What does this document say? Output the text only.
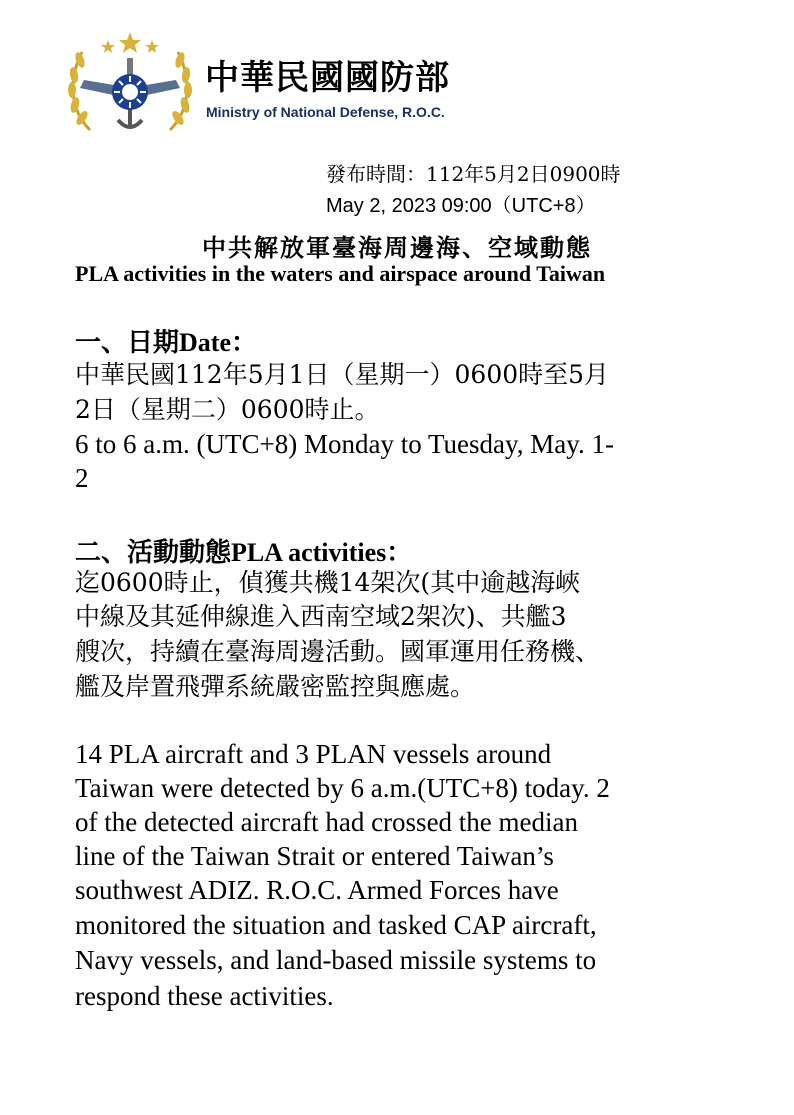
中華民國國防部
Ministry of National Defense, R.O.C.
發布時間：112年5月2日0900時
May 2, 2023 09:00（UTC+8）
中共解放軍臺海周邊海、空域動態
PLA activities in the waters and airspace around Taiwan
一、日期Date：
中華民國112年5月1日（星期一）0600時至5月
2日（星期二）0600時止。
6 to 6 a.m. (UTC+8) Monday to Tuesday, May. 1-
2
二、活動動態PLA activities：
迄0600時止，偵獲共機14架次(其中逾越海峽
中線及其延伸線進入西南空域2架次)、共艦3
艘次，持續在臺海周邊活動。國軍運用任務機、
艦及岸置飛彈系統嚴密監控與應處。
14 PLA aircraft and 3 PLAN vessels around
Taiwan were detected by 6 a.m.(UTC+8) today. 2
of the detected aircraft had crossed the median
line of the Taiwan Strait or entered Taiwan’s
southwest ADIZ. R.O.C. Armed Forces have
monitored the situation and tasked CAP aircraft,
Navy vessels, and land-based missile systems to
respond these activities.
